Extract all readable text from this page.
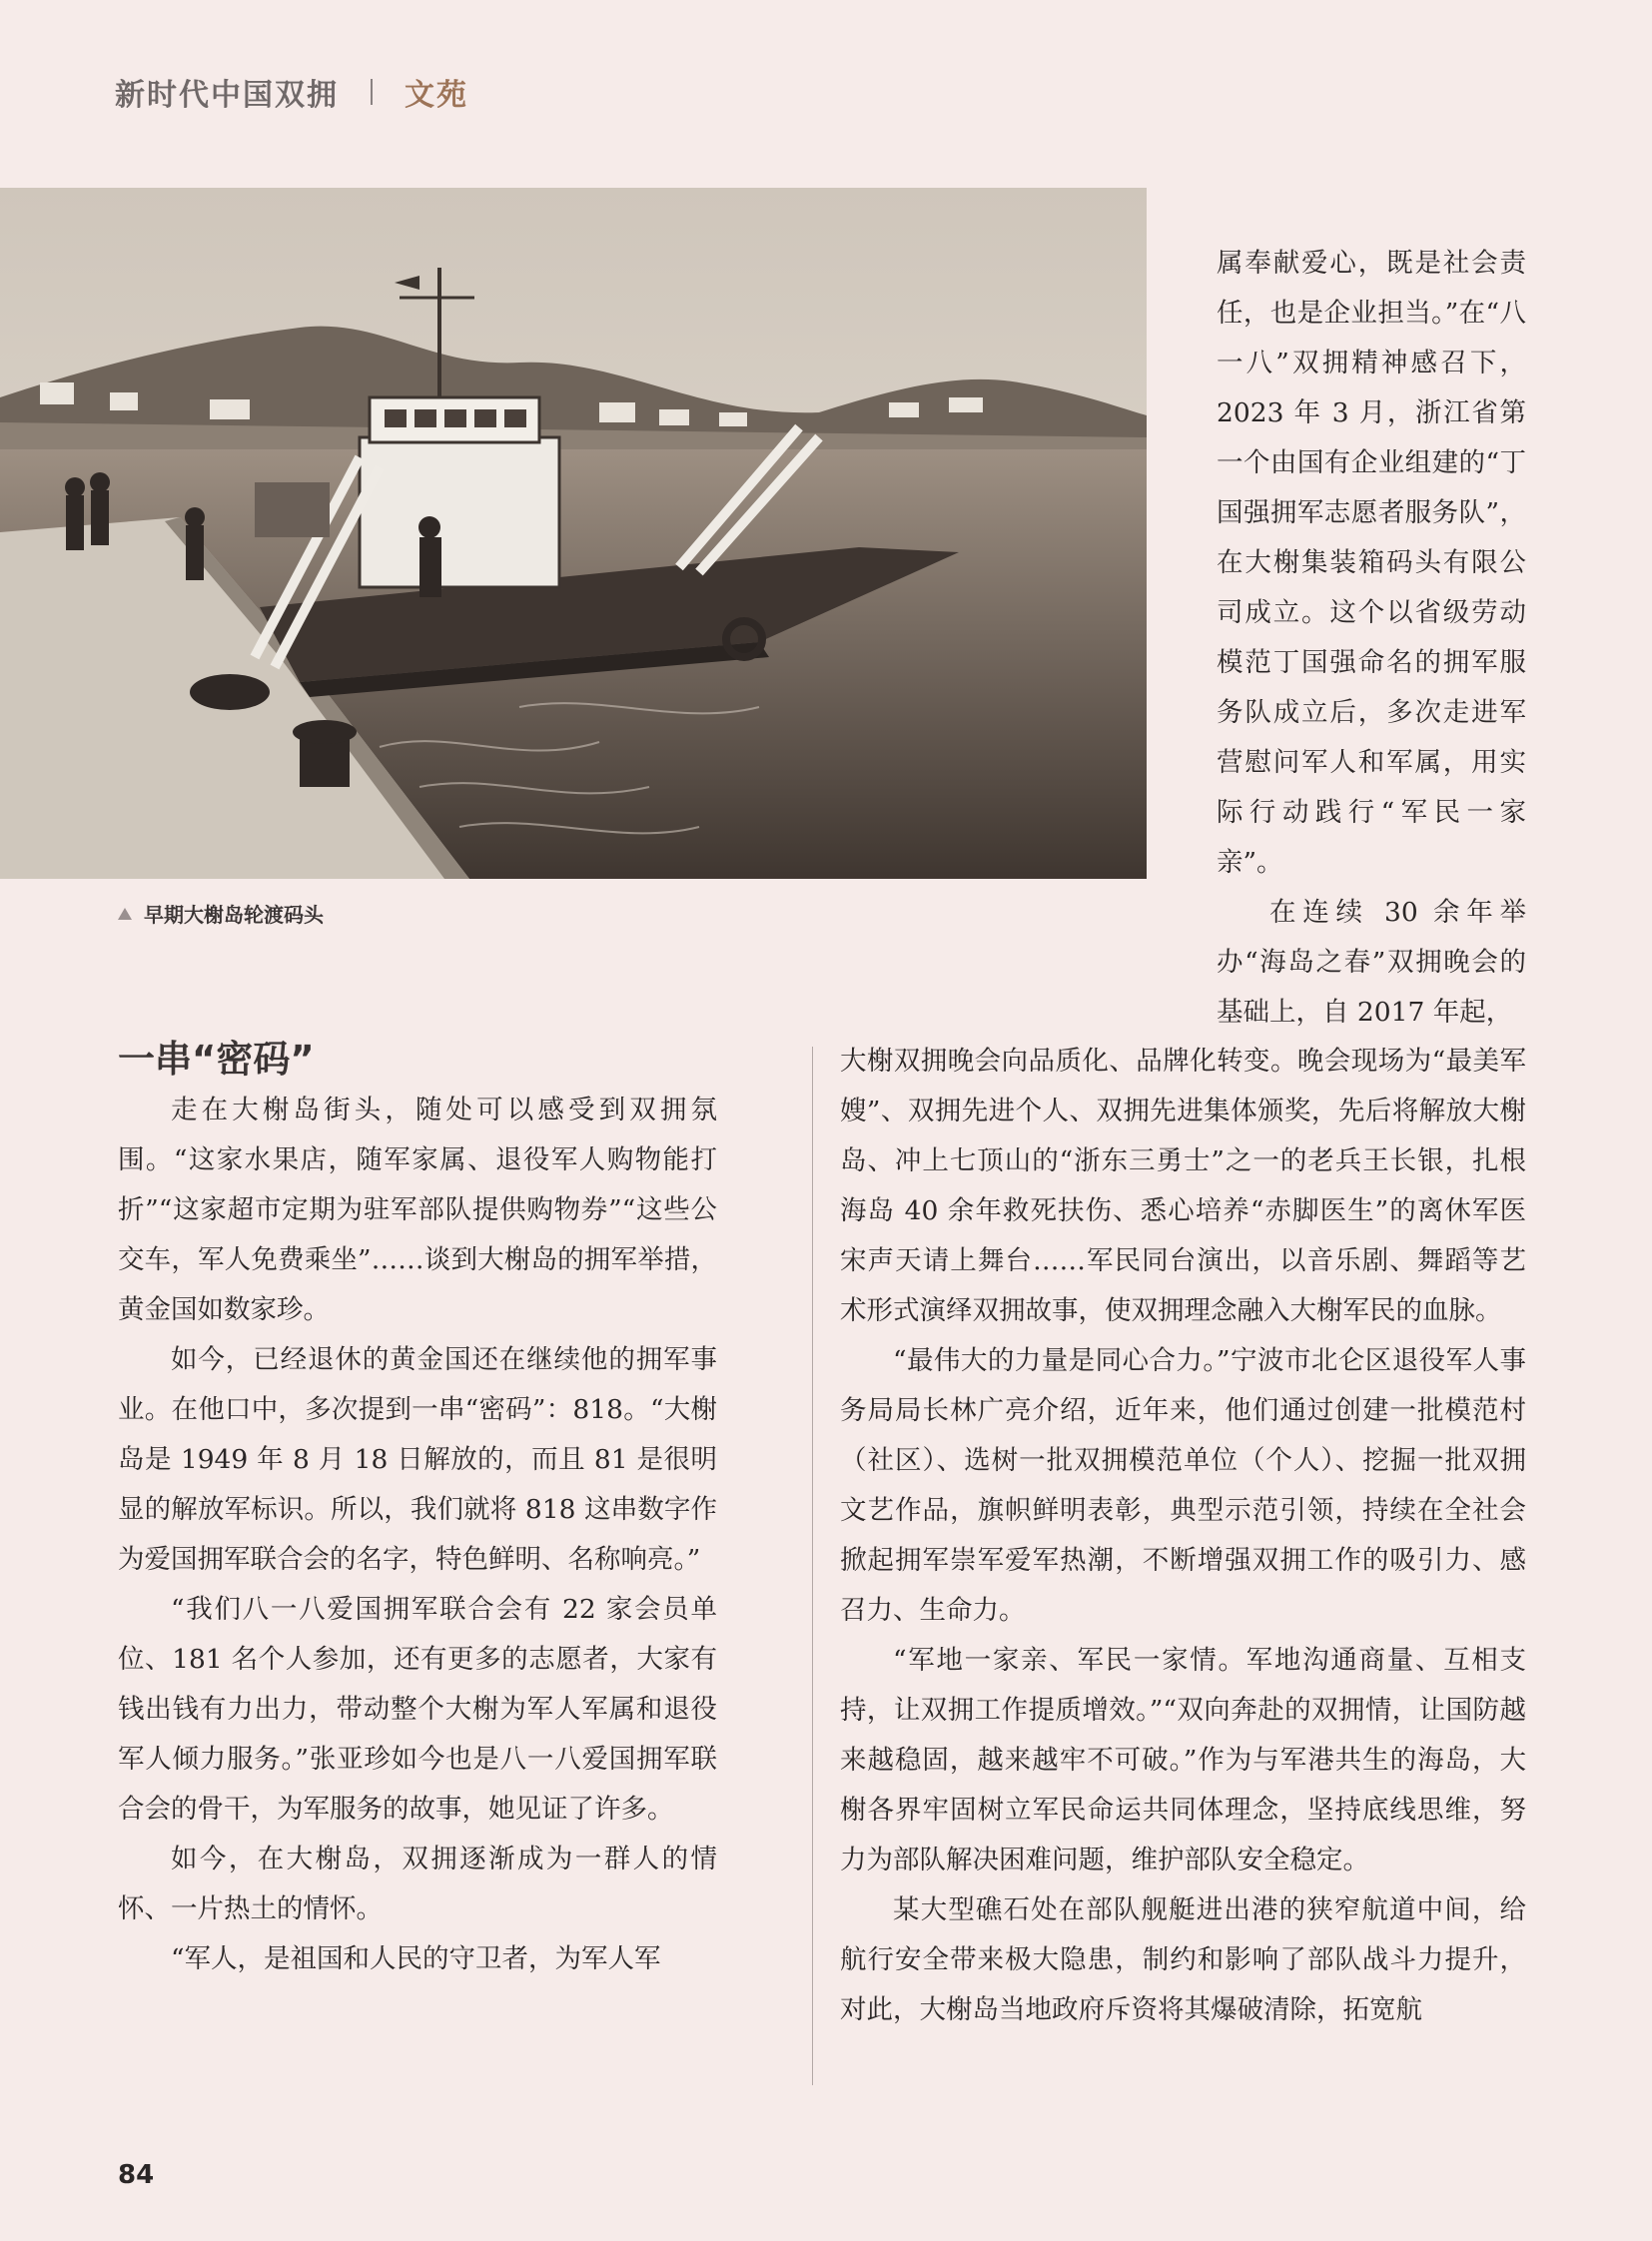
新时代中国双拥 文苑
早期大榭岛轮渡码头

属奉献爱心，既是社会责任，也是企业担当。”在“八一八”双拥精神感召下，2023 年 3 月，浙江省第一个由国有企业组建的“丁国强拥军志愿者服务队”，在大榭集装箱码头有限公司成立。这个以省级劳动模范丁国强命名的拥军服务队成立后，多次走进军营慰问军人和军属，用实际行动践行“军民一家亲”。

在连续 30 余年举办“海岛之春”双拥晚会的基础上，自 2017 年起，

一串“密码”

走在大榭岛街头，随处可以感受到双拥氛围。“这家水果店，随军家属、退役军人购物能打折”“这家超市定期为驻军部队提供购物券”“这些公交车，军人免费乘坐”……谈到大榭岛的拥军举措，黄金国如数家珍。

如今，已经退休的黄金国还在继续他的拥军事业。在他口中，多次提到一串“密码”：818。“大榭岛是 1949 年 8 月 18 日解放的，而且 81 是很明显的解放军标识。所以，我们就将 818 这串数字作为爱国拥军联合会的名字，特色鲜明、名称响亮。”

“我们八一八爱国拥军联合会有 22 家会员单位、181 名个人参加，还有更多的志愿者，大家有钱出钱有力出力，带动整个大榭为军人军属和退役军人倾力服务。”张亚珍如今也是八一八爱国拥军联合会的骨干，为军服务的故事，她见证了许多。

如今，在大榭岛，双拥逐渐成为一群人的情怀、一片热土的情怀。

“军人，是祖国和人民的守卫者，为军人军

大榭双拥晚会向品质化、品牌化转变。晚会现场为“最美军嫂”、双拥先进个人、双拥先进集体颁奖，先后将解放大榭岛、冲上七顶山的“浙东三勇士”之一的老兵王长银，扎根海岛 40 余年救死扶伤、悉心培养“赤脚医生”的离休军医宋声天请上舞台……军民同台演出，以音乐剧、舞蹈等艺术形式演绎双拥故事，使双拥理念融入大榭军民的血脉。

“最伟大的力量是同心合力。”宁波市北仑区退役军人事务局局长林广亮介绍，近年来，他们通过创建一批模范村（社区）、选树一批双拥模范单位（个人）、挖掘一批双拥文艺作品，旗帜鲜明表彰，典型示范引领，持续在全社会掀起拥军崇军爱军热潮，不断增强双拥工作的吸引力、感召力、生命力。

“军地一家亲、军民一家情。军地沟通商量、互相支持，让双拥工作提质增效。”“双向奔赴的双拥情，让国防越来越稳固，越来越牢不可破。”作为与军港共生的海岛，大榭各界牢固树立军民命运共同体理念，坚持底线思维，努力为部队解决困难问题，维护部队安全稳定。

某大型礁石处在部队舰艇进出港的狭窄航道中间，给航行安全带来极大隐患，制约和影响了部队战斗力提升，对此，大榭岛当地政府斥资将其爆破清除，拓宽航

84
